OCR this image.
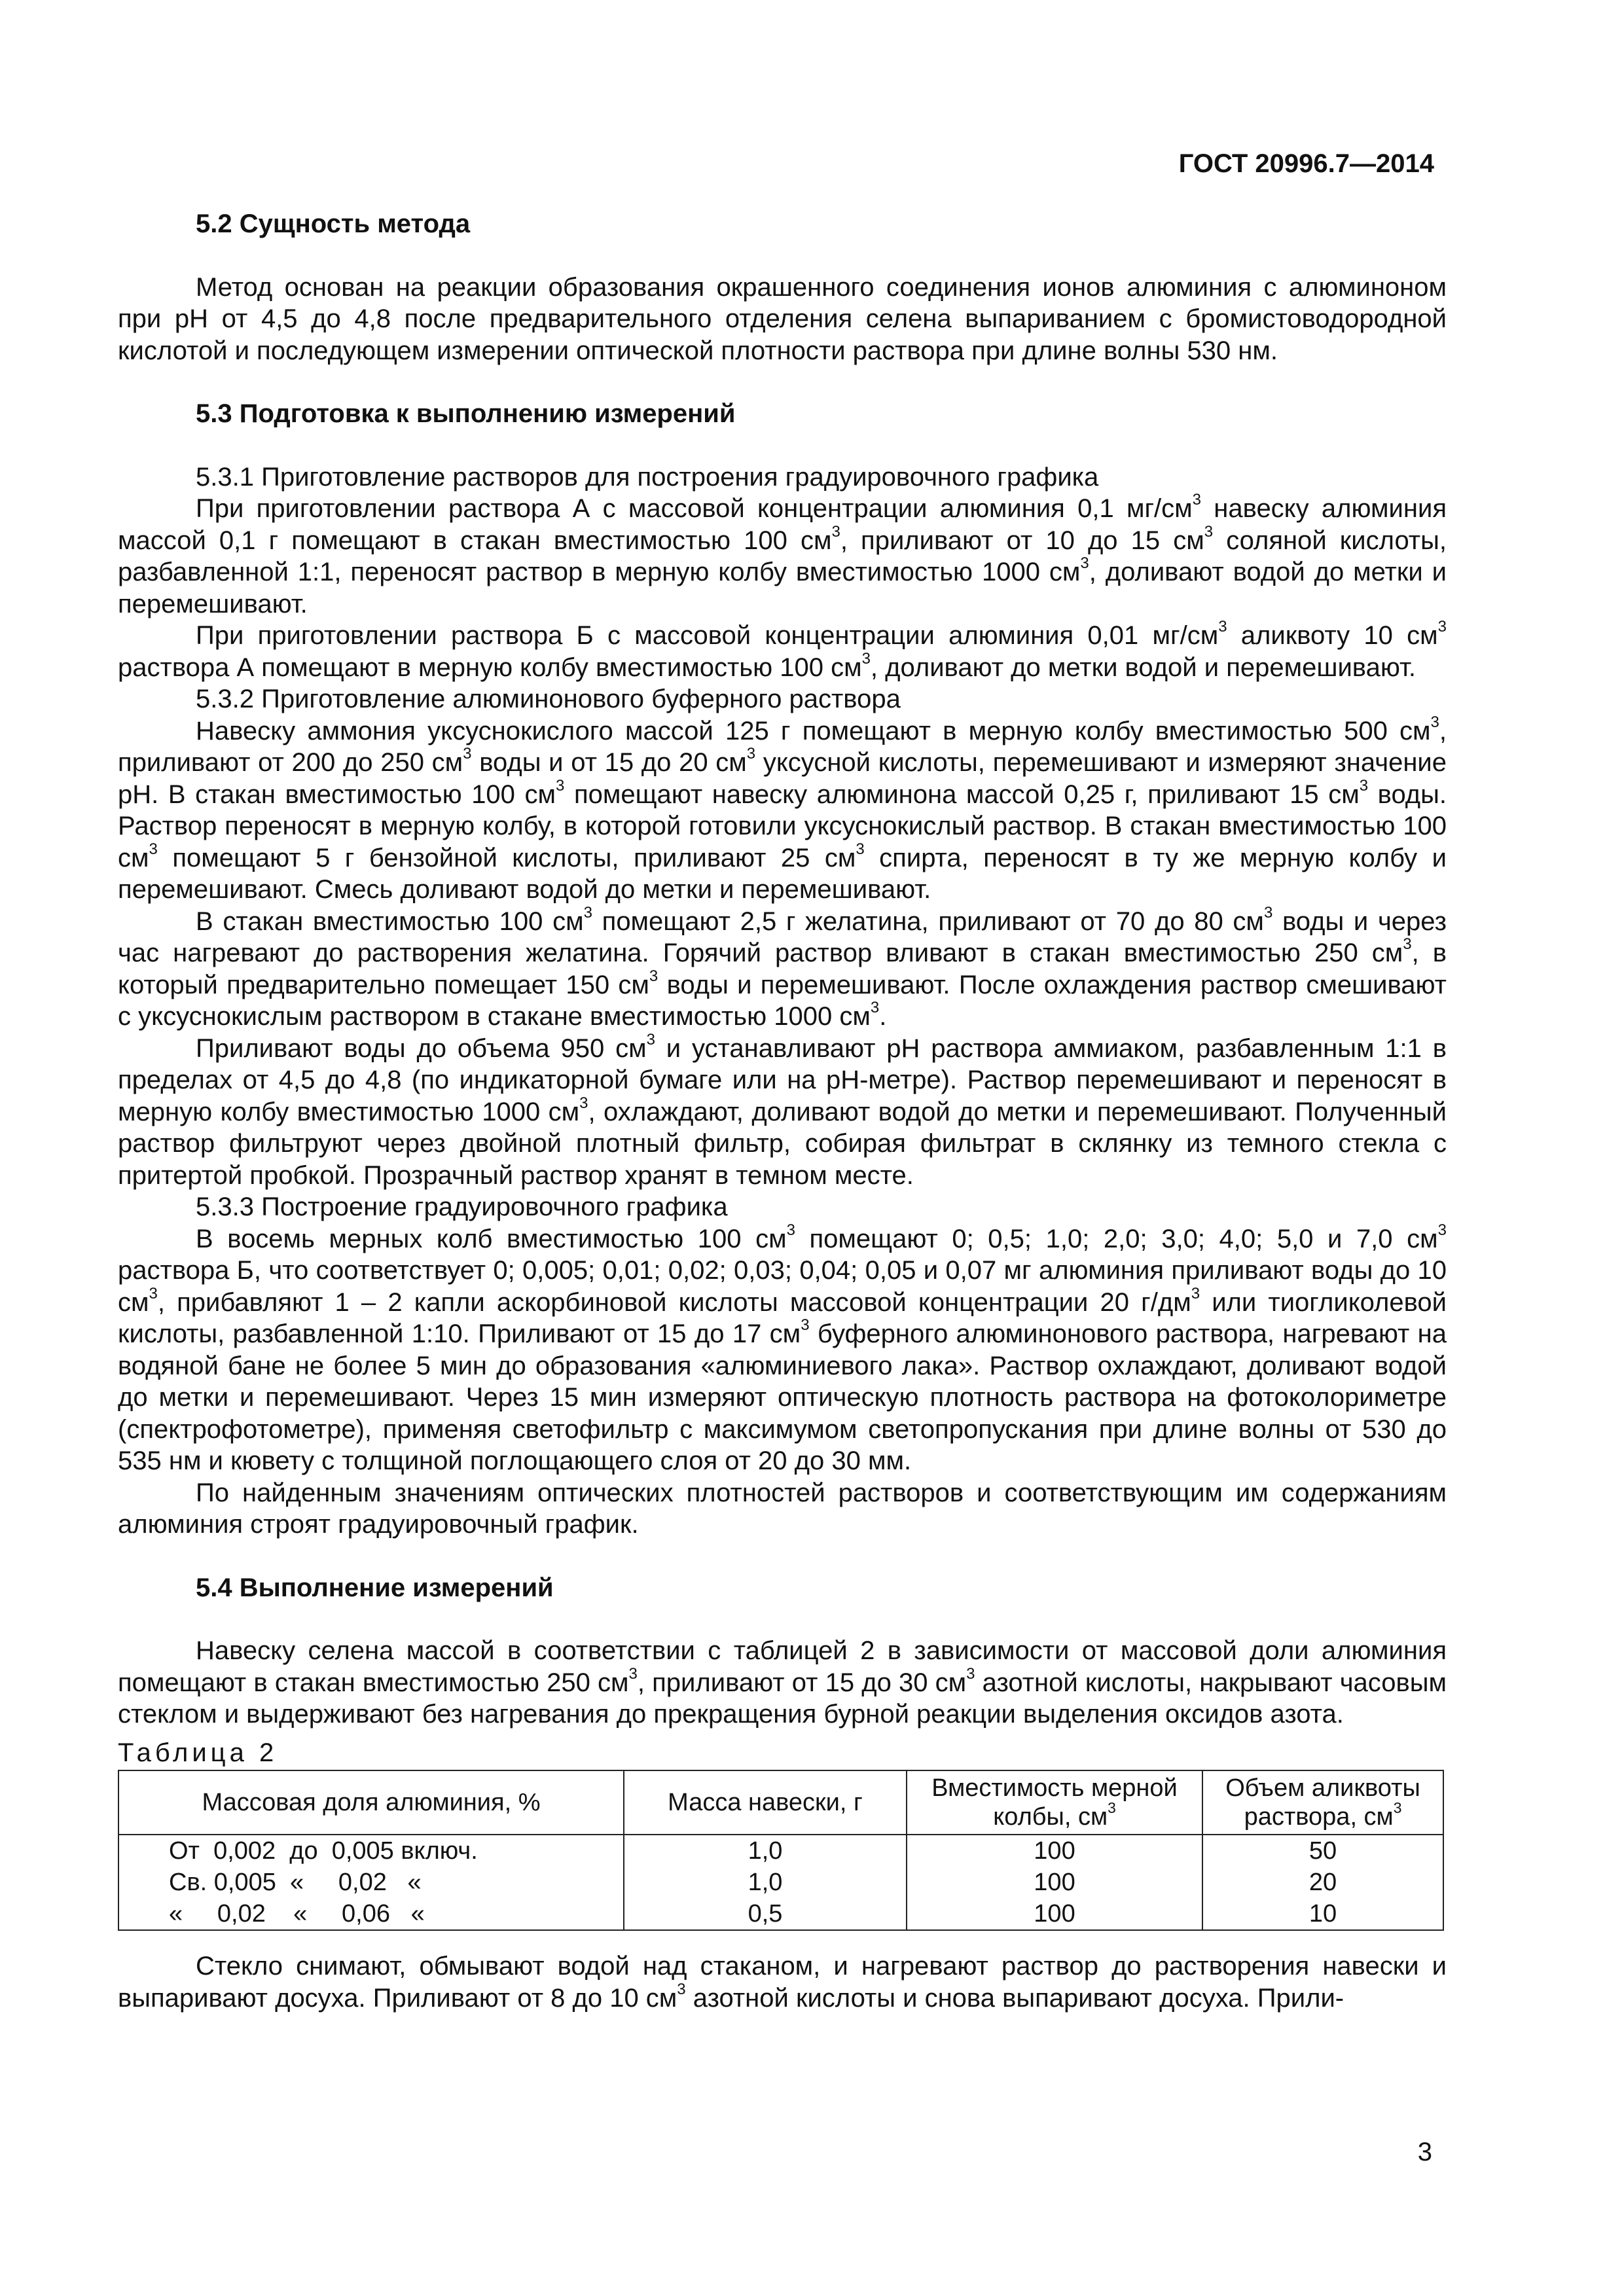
ГОСТ 20996.7—2014

5.2 Сущность метода

Метод основан на реакции образования окрашенного соединения ионов алюминия с алюминоном при pH от 4,5 до 4,8 после предварительного отделения селена выпариванием с бромистоводородной кислотой и последующем измерении оптической плотности раствора при длине волны 530 нм.

5.3 Подготовка к выполнению измерений

5.3.1 Приготовление растворов для построения градуировочного графика

При приготовлении раствора А с массовой концентрации алюминия 0,1 $мг/см^3$ навеску алюминия массой 0,1 г помещают в стакан вместимостью 100 $см^3$, приливают от 10 до 15 $см^3$ соляной кислоты, разбавленной 1:1, переносят раствор в мерную колбу вместимостью 1000 $см^3$, доливают водой до метки и перемешивают.

При приготовлении раствора Б с массовой концентрации алюминия 0,01 $мг/см^3$ аликвоту 10 $см^3$ раствора А помещают в мерную колбу вместимостью 100 $см^3$, доливают до метки водой и перемешивают.

5.3.2 Приготовление алюминонового буферного раствора

Навеску аммония уксуснокислого массой 125 г помещают в мерную колбу вместимостью 500 $см^3$, приливают от 200 до 250 $см^3$ воды и от 15 до 20 $см^3$ уксусной кислоты, перемешивают и измеряют значение pH. В стакан вместимостью 100 $см^3$ помещают навеску алюминона массой 0,25 г, приливают 15 $см^3$ воды. Раствор переносят в мерную колбу, в которой готовили уксуснокислый раствор. В стакан вместимостью 100 $см^3$ помещают 5 г бензойной кислоты, приливают 25 $см^3$ спирта, переносят в ту же мерную колбу и перемешивают. Смесь доливают водой до метки и перемешивают.

В стакан вместимостью 100 $см^3$ помещают 2,5 г желатина, приливают от 70 до 80 $см^3$ воды и через час нагревают до растворения желатина. Горячий раствор вливают в стакан вместимостью 250 $см^3$, в который предварительно помещает 150 $см^3$ воды и перемешивают. После охлаждения раствор смешивают с уксуснокислым раствором в стакане вместимостью 1000 $см^3$.

Приливают воды до объема 950 $см^3$ и устанавливают pH раствора аммиаком, разбавленным 1:1 в пределах от 4,5 до 4,8 (по индикаторной бумаге или на pH-метре). Раствор перемешивают и переносят в мерную колбу вместимостью 1000 $см^3$, охлаждают, доливают водой до метки и перемешивают. Полученный раствор фильтруют через двойной плотный фильтр, собирая фильтрат в склянку из темного стекла с притертой пробкой. Прозрачный раствор хранят в темном месте.

5.3.3 Построение градуировочного графика

В восемь мерных колб вместимостью 100 $см^3$ помещают 0; 0,5; 1,0; 2,0; 3,0; 4,0; 5,0 и 7,0 $см^3$ раствора Б, что соответствует 0; 0,005; 0,01; 0,02; 0,03; 0,04; 0,05 и 0,07 мг алюминия приливают воды до 10 $см^3$, прибавляют 1 – 2 капли аскорбиновой кислоты массовой концентрации 20 $г/дм^3$ или тиогликолевой кислоты, разбавленной 1:10. Приливают от 15 до 17 $см^3$ буферного алюминонового раствора, нагревают на водяной бане не более 5 мин до образования «алюминиевого лака». Раствор охлаждают, доливают водой до метки и перемешивают. Через 15 мин измеряют оптическую плотность раствора на фотоколориметре (спектрофотометре), применяя светофильтр с максимумом светопропускания при длине волны от 530 до 535 нм и кювету с толщиной поглощающего слоя от 20 до 30 мм.

По найденным значениям оптических плотностей растворов и соответствующим им содержаниям алюминия строят градуировочный график.

5.4 Выполнение измерений

Навеску селена массой в соответствии с таблицей 2 в зависимости от массовой доли алюминия помещают в стакан вместимостью 250 $см^3$, приливают от 15 до 30 $см^3$ азотной кислоты, накрывают часовым стеклом и выдерживают без нагревания до прекращения бурной реакции выделения оксидов азота.

Таблица 2
Массовая доля алюминия, %	Масса навески, г	Вместимость мерной колбы, $см^3$	Объем аликвоты раствора, $см^3$
От  0,002  до  0,005 включ.	1,0	100	50
Св. 0,005  «     0,02   «	1,0	100	20
«     0,02    «     0,06   «	0,5	100	10

Стекло снимают, обмывают водой над стаканом, и нагревают раствор до растворения навески и выпаривают досуха. Приливают от 8 до 10 $см^3$ азотной кислоты и снова выпаривают досуха. Прили-

3
